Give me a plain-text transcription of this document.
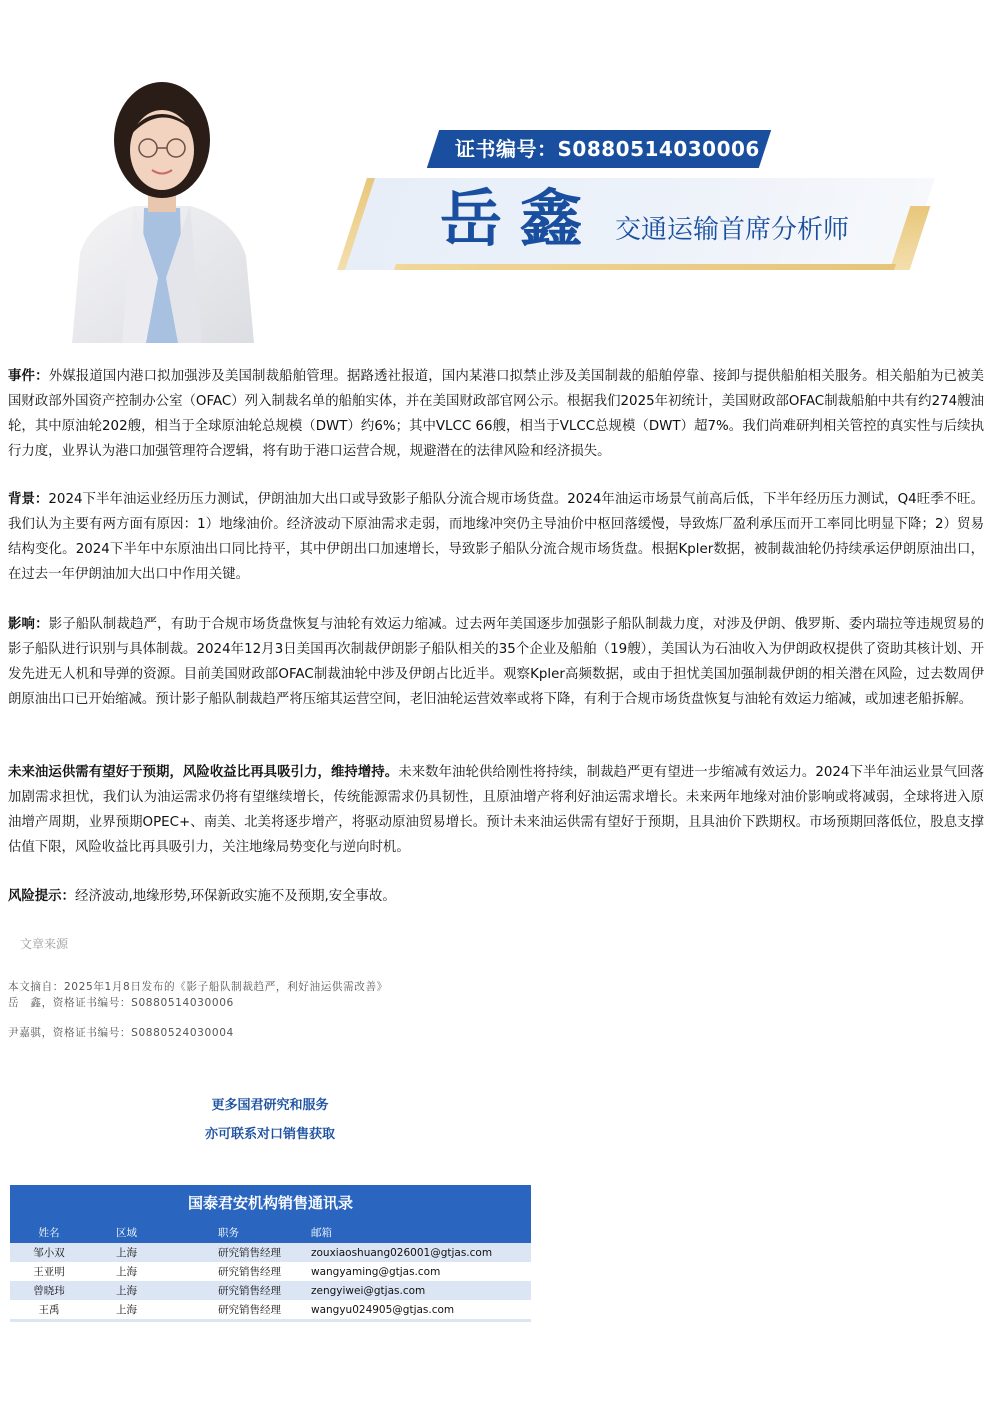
证书编号：S0880514030006
岳鑫 交通运输首席分析师
事件：外媒报道国内港口拟加强涉及美国制裁船舶管理。据路透社报道，国内某港口拟禁止涉及美国制裁的船舶停靠、接卸与提供船舶相关服务。相关船舶为已被美国财政部外国资产控制办公室（OFAC）列入制裁名单的船舶实体，并在美国财政部官网公示。根据我们2025年初统计，美国财政部OFAC制裁船舶中共有约274艘油轮，其中原油轮202艘，相当于全球原油轮总规模（DWT）约6%；其中VLCC 66艘，相当于VLCC总规模（DWT）超7%。我们尚难研判相关管控的真实性与后续执行力度，业界认为港口加强管理符合逻辑，将有助于港口运营合规，规避潜在的法律风险和经济损失。
背景：2024下半年油运业经历压力测试，伊朗油加大出口或导致影子船队分流合规市场货盘。2024年油运市场景气前高后低，下半年经历压力测试，Q4旺季不旺。我们认为主要有两方面有原因：1）地缘油价。经济波动下原油需求走弱，而地缘冲突仍主导油价中枢回落缓慢，导致炼厂盈利承压而开工率同比明显下降；2）贸易结构变化。2024下半年中东原油出口同比持平，其中伊朗出口加速增长，导致影子船队分流合规市场货盘。根据Kpler数据，被制裁油轮仍持续承运伊朗原油出口，在过去一年伊朗油加大出口中作用关键。
影响：影子船队制裁趋严，有助于合规市场货盘恢复与油轮有效运力缩减。过去两年美国逐步加强影子船队制裁力度，对涉及伊朗、俄罗斯、委内瑞拉等违规贸易的影子船队进行识别与具体制裁。2024年12月3日美国再次制裁伊朗影子船队相关的35个企业及船舶（19艘），美国认为石油收入为伊朗政权提供了资助其核计划、开发先进无人机和导弹的资源。目前美国财政部OFAC制裁油轮中涉及伊朗占比近半。观察Kpler高频数据，或由于担忧美国加强制裁伊朗的相关潜在风险，过去数周伊朗原油出口已开始缩减。预计影子船队制裁趋严将压缩其运营空间，老旧油轮运营效率或将下降，有利于合规市场货盘恢复与油轮有效运力缩减，或加速老船拆解。
未来油运供需有望好于预期，风险收益比再具吸引力，维持增持。未来数年油轮供给刚性将持续，制裁趋严更有望进一步缩减有效运力。2024下半年油运业景气回落加剧需求担忧，我们认为油运需求仍将有望继续增长，传统能源需求仍具韧性，且原油增产将利好油运需求增长。未来两年地缘对油价影响或将减弱，全球将进入原油增产周期，业界预期OPEC+、南美、北美将逐步增产，将驱动原油贸易增长。预计未来油运供需有望好于预期，且具油价下跌期权。市场预期回落低位，股息支撑估值下限，风险收益比再具吸引力，关注地缘局势变化与逆向时机。
风险提示：经济波动,地缘形势,环保新政实施不及预期,安全事故。
文章来源
本文摘自：2025年1月8日发布的《影子船队制裁趋严，利好油运供需改善》
岳　鑫，资格证书编号：S0880514030006
尹嘉骐，资格证书编号：S0880524030004
更多国君研究和服务
亦可联系对口销售获取
国泰君安机构销售通讯录
姓名	区域	职务	邮箱
邹小双	上海	研究销售经理	zouxiaoshuang026001@gtjas.com
王亚明	上海	研究销售经理	wangyaming@gtjas.com
曾晓玮	上海	研究销售经理	zengyiwei@gtjas.com
王禹	上海	研究销售经理	wangyu024905@gtjas.com
